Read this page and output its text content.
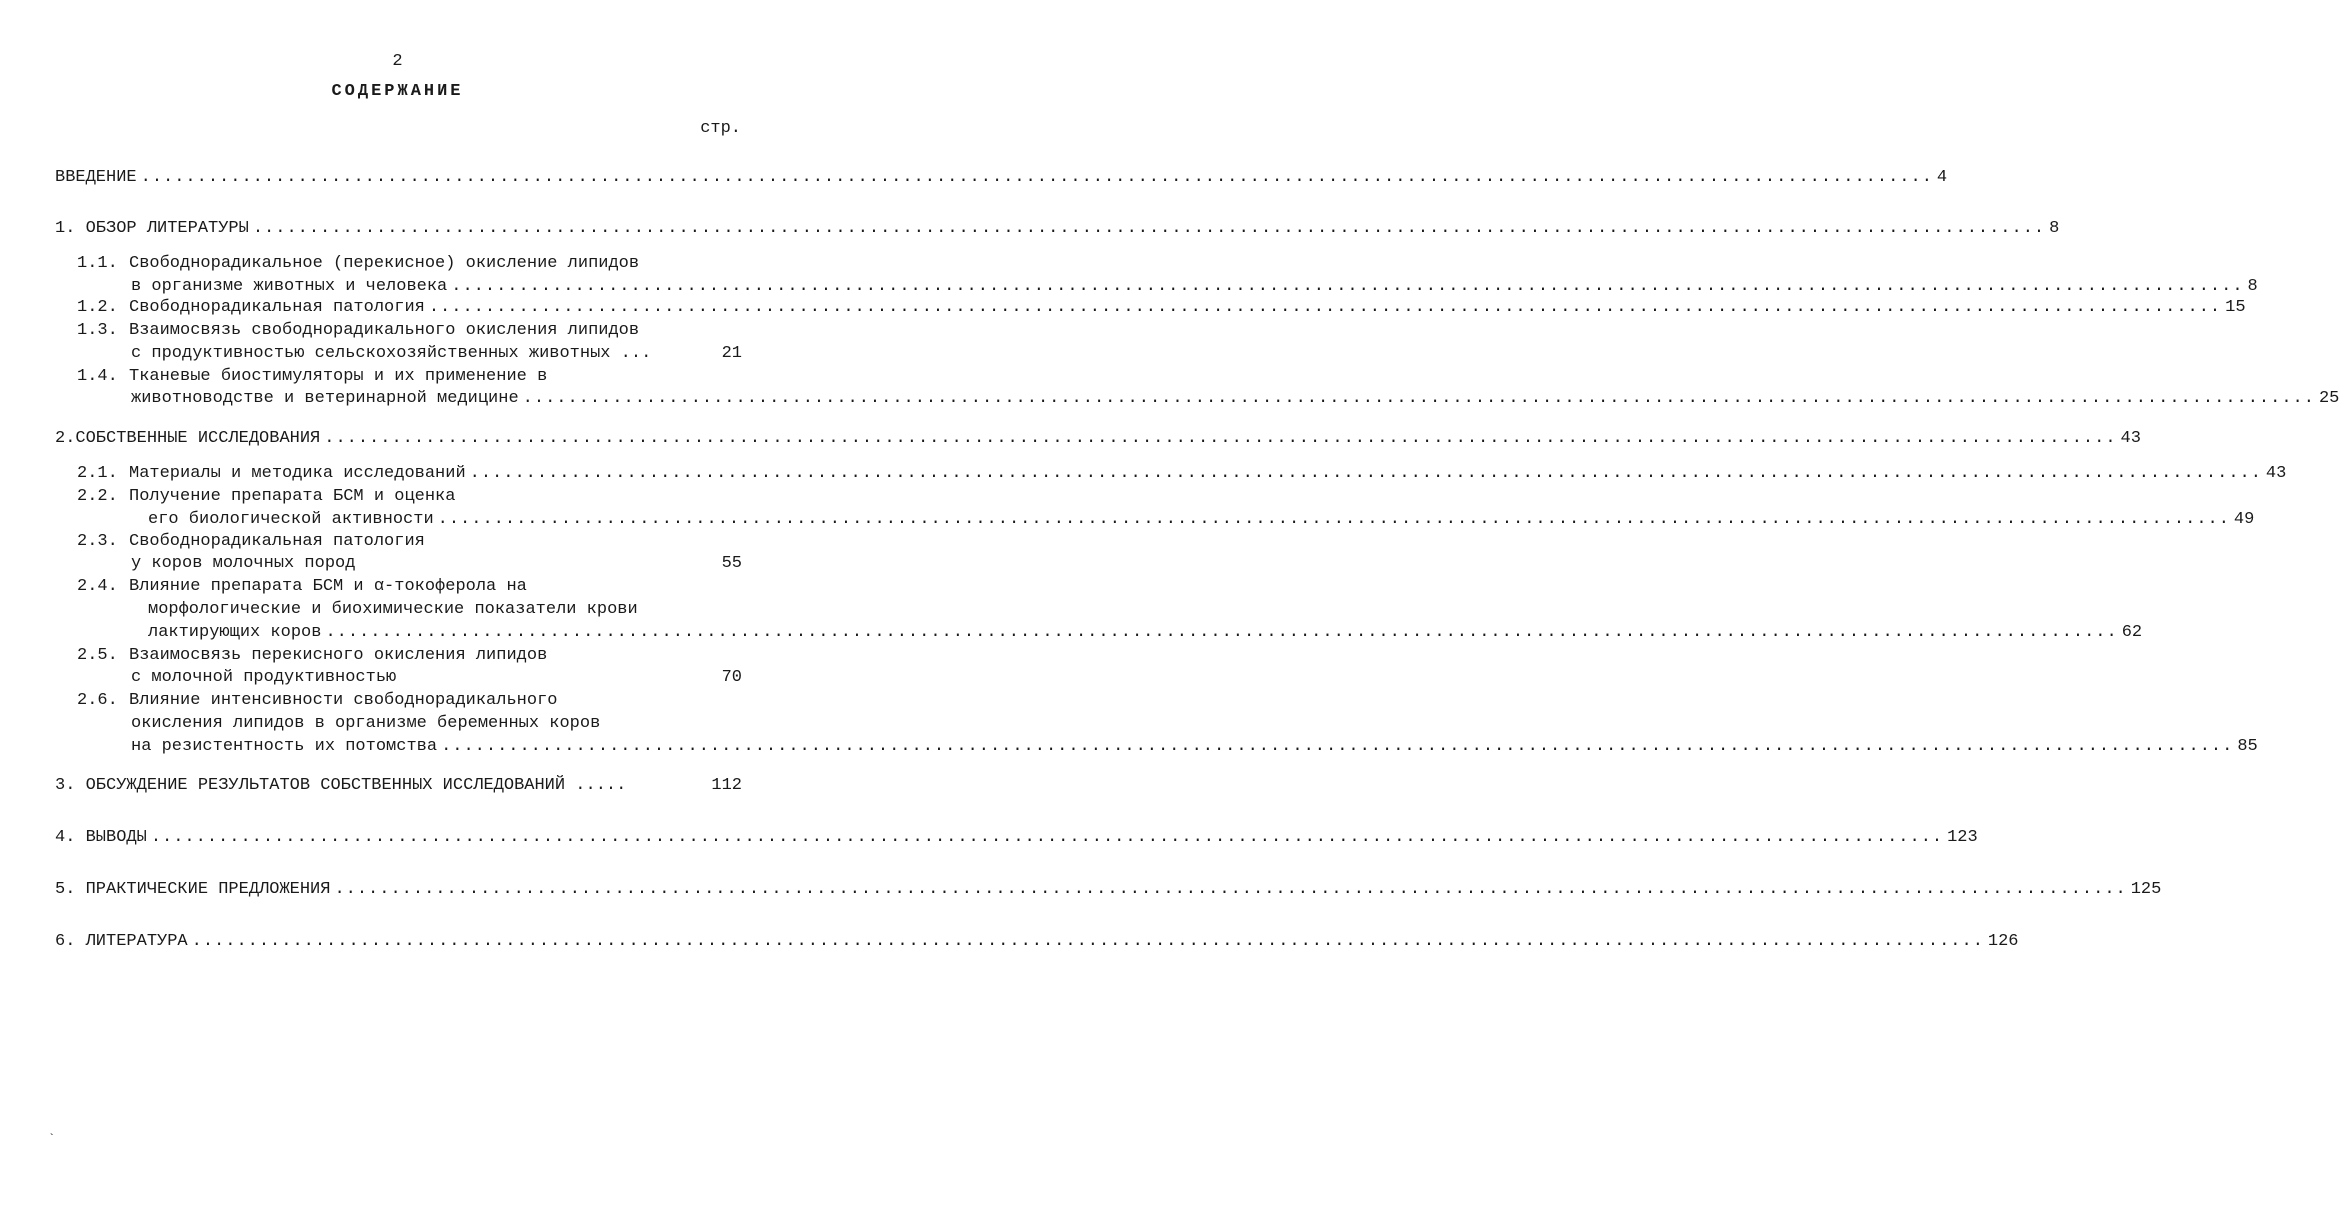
2
СОДЕРЖАНИЕ
стр.
ВВЕДЕНИЕ ................................................................................................................................................................ 4
1. ОБЗОР ЛИТЕРАТУРЫ ................................................................................................................................................................ 8
1.1. Свободнорадикальное (перекисное) окисление липидов
в организме животных и человека ................................................................................................................................................................ 8
1.2. Свободнорадикальная патология ................................................................................................................................................................ 15
1.3. Взаимосвязь свободнорадикального окисления липидов
с продуктивностью сельскохозяйственных животных ...	21
1.4. Тканевые биостимуляторы и их применение в
животноводстве и ветеринарной медицине ................................................................................................................................................................ 25
2.СОБСТВЕННЫЕ ИССЛЕДОВАНИЯ ................................................................................................................................................................ 43
2.1. Материалы и методика исследований ................................................................................................................................................................ 43
2.2. Получение препарата БСМ и оценка
его биологической активности ................................................................................................................................................................ 49
2.3. Свободнорадикальная патология
у коров молочных пород	55
2.4. Влияние препарата БСМ и α-токоферола на
морфологические и биохимические показатели крови
лактирующих коров ................................................................................................................................................................ 62
2.5. Взаимосвязь перекисного окисления липидов
с молочной продуктивностью	70
2.6. Влияние интенсивности свободнорадикального
окисления липидов в организме беременных коров
на резистентность их потомства ................................................................................................................................................................ 85
3. ОБСУЖДЕНИЕ РЕЗУЛЬТАТОВ СОБСТВЕННЫХ ИССЛЕДОВАНИЙ .....	112
4. ВЫВОДЫ ................................................................................................................................................................ 123
5. ПРАКТИЧЕСКИЕ ПРЕДЛОЖЕНИЯ ................................................................................................................................................................ 125
6. ЛИТЕРАТУРА ................................................................................................................................................................ 126
`
